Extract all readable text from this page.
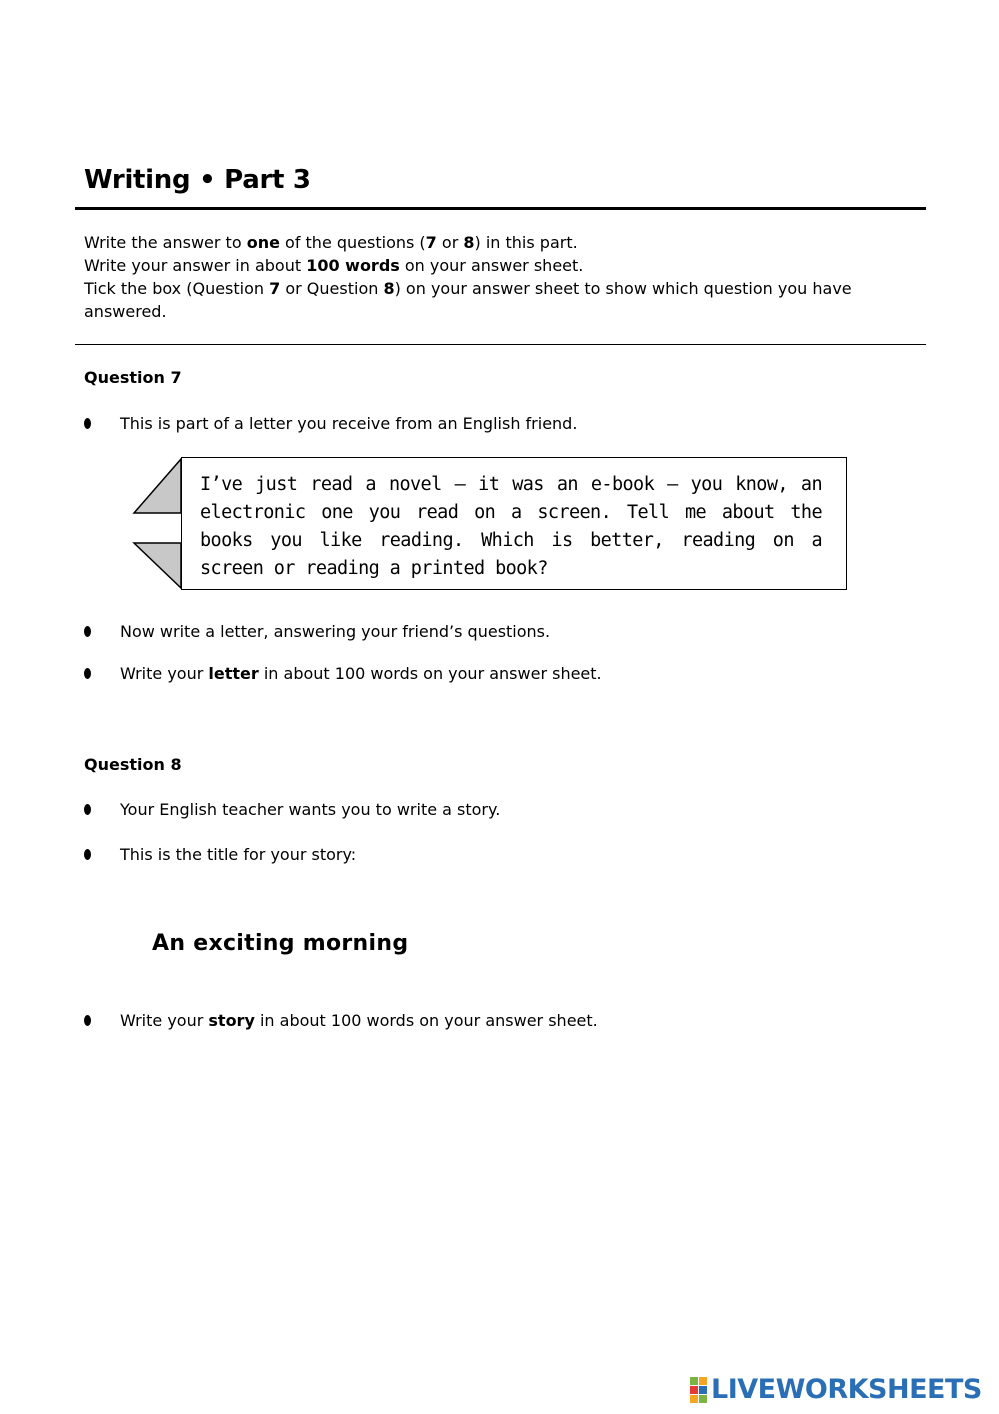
Writing • Part 3

Write the answer to one of the questions (7 or 8) in this part.

Write your answer in about 100 words on your answer sheet.

Tick the box (Question 7 or Question 8) on your answer sheet to show which question you have answered.

Question 7
This is part of a letter you receive from an English friend.
I’ve just read a novel – it was an e-book – you know, an electronic one you read on a screen. Tell me about the books you like reading. Which is better, reading on a screen or reading a printed book?
Now write a letter, answering your friend’s questions.
Write your letter in about 100 words on your answer sheet.
Question 8
Your English teacher wants you to write a story.
This is the title for your story:
An exciting morning
Write your story in about 100 words on your answer sheet.
LIVEWORKSHEETS
